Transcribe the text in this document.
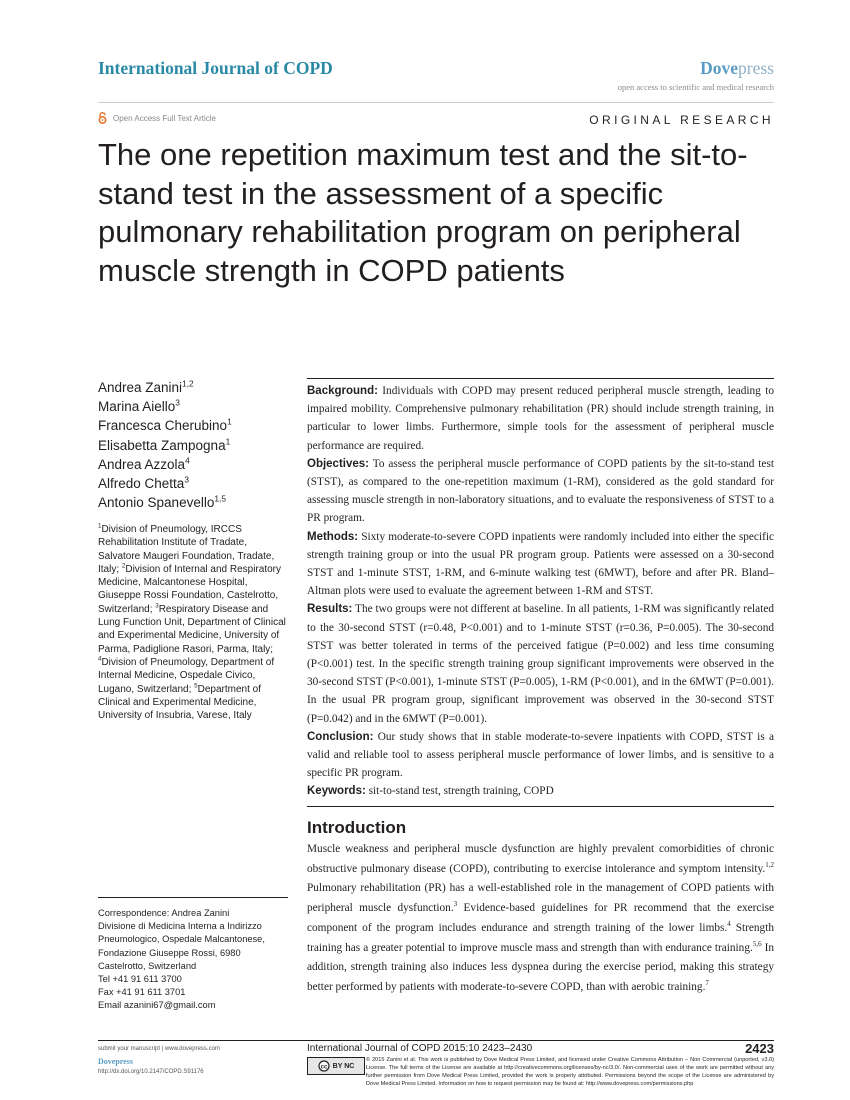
International Journal of COPD	Dovepress
open access to scientific and medical research
Open Access Full Text Article	ORIGINAL RESEARCH
The one repetition maximum test and the sit-to-stand test in the assessment of a specific pulmonary rehabilitation program on peripheral muscle strength in COPD patients
Andrea Zanini$^{1,2}$
Marina Aiello$^3$
Francesca Cherubino$^1$
Elisabetta Zampogna$^1$
Andrea Azzola$^4$
Alfredo Chetta$^3$
Antonio Spanevello$^{1,5}$
$^1$Division of Pneumology, IRCCS Rehabilitation Institute of Tradate, Salvatore Maugeri Foundation, Tradate, Italy; $^2$Division of Internal and Respiratory Medicine, Malcantonese Hospital, Giuseppe Rossi Foundation, Castelrotto, Switzerland; $^3$Respiratory Disease and Lung Function Unit, Department of Clinical and Experimental Medicine, University of Parma, Padiglione Rasori, Parma, Italy; $^4$Division of Pneumology, Department of Internal Medicine, Ospedale Civico, Lugano, Switzerland; $^5$Department of Clinical and Experimental Medicine, University of Insubria, Varese, Italy
Correspondence: Andrea Zanini
Divisione di Medicina Interna a Indirizzo
Pneumologico, Ospedale Malcantonese,
Fondazione Giuseppe Rossi, 6980
Castelrotto, Switzerland
Tel +41 91 611 3700
Fax +41 91 611 3701
Email azanini67@gmail.com

Background: Individuals with COPD may present reduced peripheral muscle strength, leading to impaired mobility. Comprehensive pulmonary rehabilitation (PR) should include strength training, in particular to lower limbs. Furthermore, simple tools for the assessment of peripheral muscle performance are required.

Objectives: To assess the peripheral muscle performance of COPD patients by the sit-to-stand test (STST), as compared to the one-repetition maximum (1-RM), considered as the gold standard for assessing muscle strength in non-laboratory situations, and to evaluate the responsiveness of STST to a PR program.

Methods: Sixty moderate-to-severe COPD inpatients were randomly included into either the specific strength training group or into the usual PR program group. Patients were assessed on a 30-second STST and 1-minute STST, 1-RM, and 6-minute walking test (6MWT), before and after PR. Bland–Altman plots were used to evaluate the agreement between 1-RM and STST.

Results: The two groups were not different at baseline. In all patients, 1-RM was significantly related to the 30-second STST (r=0.48, P<0.001) and to 1-minute STST (r=0.36, P=0.005). The 30-second STST was better tolerated in terms of the perceived fatigue (P=0.002) and less time consuming (P<0.001) test. In the specific strength training group significant improvements were observed in the 30-second STST (P<0.001), 1-minute STST (P=0.005), 1-RM (P<0.001), and in the 6MWT (P=0.001). In the usual PR program group, significant improvement was observed in the 30-second STST (P=0.042) and in the 6MWT (P=0.001).

Conclusion: Our study shows that in stable moderate-to-severe inpatients with COPD, STST is a valid and reliable tool to assess peripheral muscle performance of lower limbs, and is sensitive to a specific PR program.

Keywords: sit-to-stand test, strength training, COPD

Introduction

Muscle weakness and peripheral muscle dysfunction are highly prevalent comorbidities of chronic obstructive pulmonary disease (COPD), contributing to exercise intolerance and symptom intensity.$^{1,2}$ Pulmonary rehabilitation (PR) has a well-established role in the management of COPD patients with peripheral muscle dysfunction.$^3$ Evidence-based guidelines for PR recommend that the exercise component of the program includes endurance and strength training of the lower limbs.$^4$ Strength training has a greater potential to improve muscle mass and strength than with endurance training.$^{5,6}$ In addition, strength training also induces less dyspnea during the exercise period, making this strategy better performed by patients with moderate-to-severe COPD, than with aerobic training.$^7$

submit your manuscript | www.dovepress.com
Dovepress
http://dx.doi.org/10.2147/COPD.S91176
International Journal of COPD 2015:10 2423–2430	2423
cc BY NC
© 2015 Zanini et al. This work is published by Dove Medical Press Limited, and licensed under Creative Commons Attribution – Non Commercial (unported, v3.0) License. The full terms of the License are available at http://creativecommons.org/licenses/by-nc/3.0/. Non-commercial uses of the work are permitted without any further permission from Dove Medical Press Limited, provided the work is properly attributed. Permissions beyond the scope of the License are administered by Dove Medical Press Limited. Information on how to request permission may be found at: http://www.dovepress.com/permissions.php
